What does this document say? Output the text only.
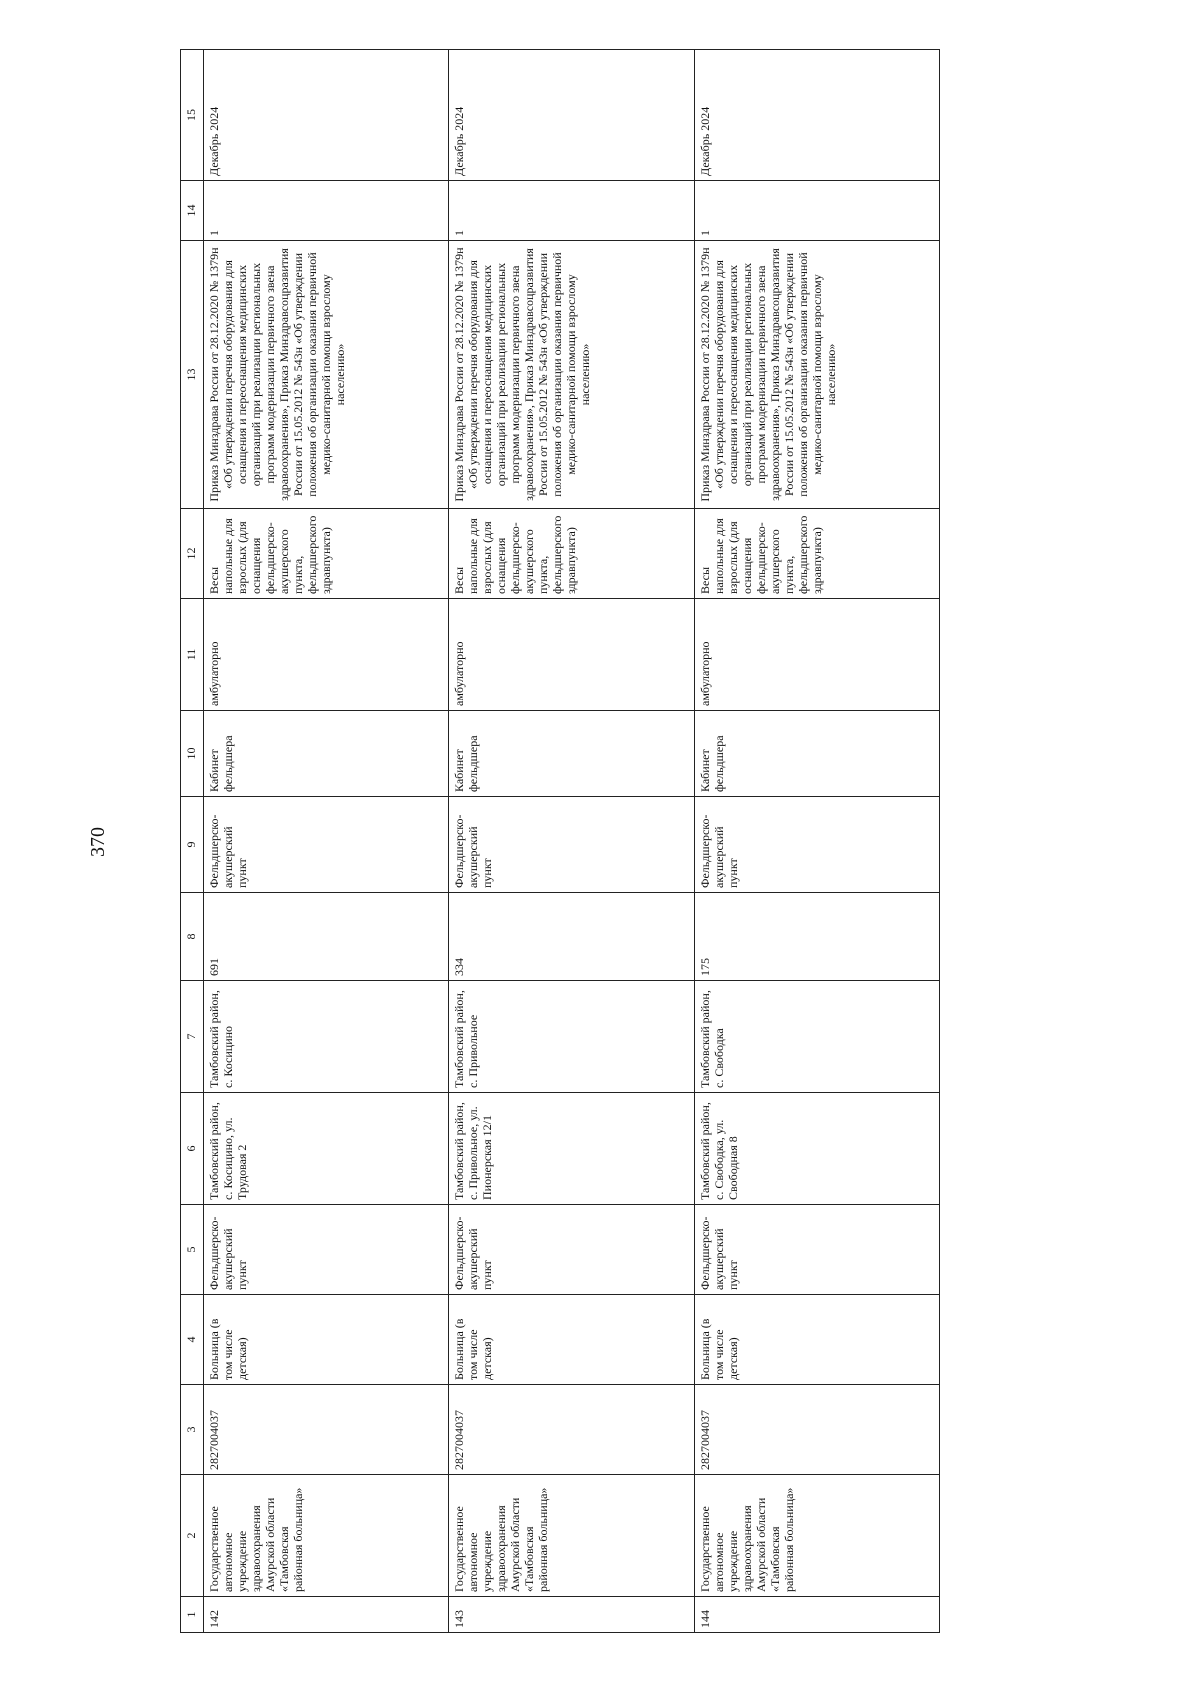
370
1	2	3	4	5	6	7	8	9	10	11	12	13	14	15
142	Государственное автономное учреждение здравоохранения Амурской области «Тамбовская районная больница»	2827004037	Больница (в том числе детская)	Фельдшерско-акушерский пункт	Тамбовский район, с. Косицино, ул. Трудовая 2	Тамбовский район, с. Косицино	691	Фельдшерско-акушерский пункт	Кабинет фельдшера	амбулаторно	Весы напольные для взрослых (для оснащения фельдшерско-акушерского пункта, фельдшерского здравпункта)	Приказ Минздрава России от 28.12.2020 № 1379н «Об утверждении перечня оборудования для оснащения и переоснащения медицинских организаций при реализации региональных программ модернизации первичного звена здравоохранения», Приказ Минздравсоцразвития России от 15.05.2012 № 543н «Об утверждении положения об организации оказания первичной медико-санитарной помощи взрослому населению»	1	Декабрь 2024
143	Государственное автономное учреждение здравоохранения Амурской области «Тамбовская районная больница»	2827004037	Больница (в том числе детская)	Фельдшерско-акушерский пункт	Тамбовский район, с. Привольное, ул. Пионерская 12/1	Тамбовский район, с. Привольное	334	Фельдшерско-акушерский пункт	Кабинет фельдшера	амбулаторно	Весы напольные для взрослых (для оснащения фельдшерско-акушерского пункта, фельдшерского здравпункта)	Приказ Минздрава России от 28.12.2020 № 1379н «Об утверждении перечня оборудования для оснащения и переоснащения медицинских организаций при реализации региональных программ модернизации первичного звена здравоохранения», Приказ Минздравсоцразвития России от 15.05.2012 № 543н «Об утверждении положения об организации оказания первичной медико-санитарной помощи взрослому населению»	1	Декабрь 2024
144	Государственное автономное учреждение здравоохранения Амурской области «Тамбовская районная больница»	2827004037	Больница (в том числе детская)	Фельдшерско-акушерский пункт	Тамбовский район, с. Свободка, ул. Свободная 8	Тамбовский район, с. Свободка	175	Фельдшерско-акушерский пункт	Кабинет фельдшера	амбулаторно	Весы напольные для взрослых (для оснащения фельдшерско-акушерского пункта, фельдшерского здравпункта)	Приказ Минздрава России от 28.12.2020 № 1379н «Об утверждении перечня оборудования для оснащения и переоснащения медицинских организаций при реализации региональных программ модернизации первичного звена здравоохранения», Приказ Минздравсоцразвития России от 15.05.2012 № 543н «Об утверждении положения об организации оказания первичной медико-санитарной помощи взрослому населению»	1	Декабрь 2024
